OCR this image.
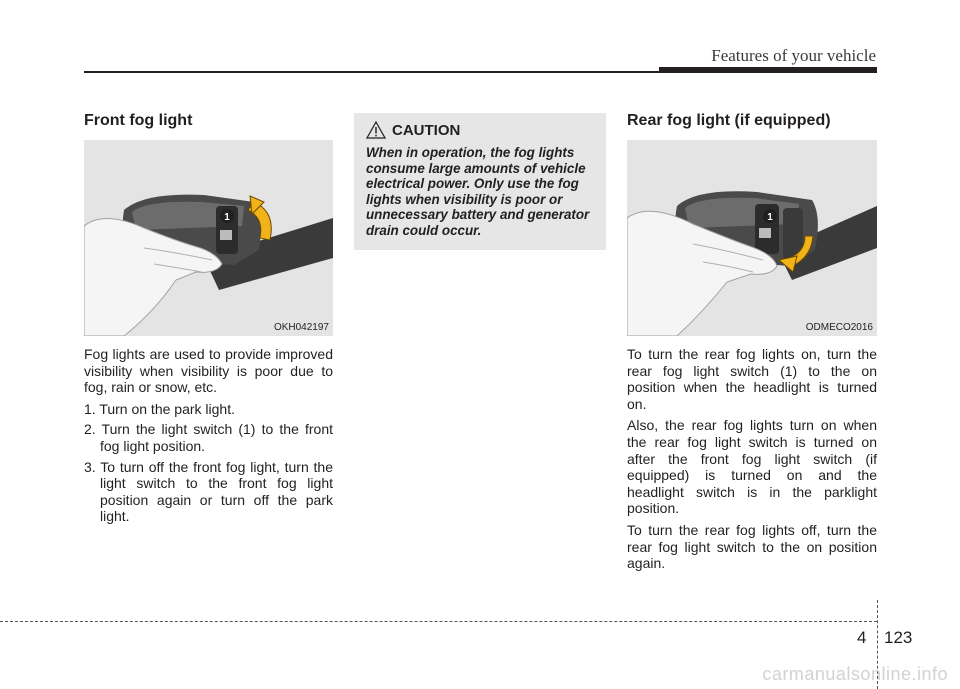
Features of your vehicle
Front fog light
1
OKH042197

Fog lights are used to provide improved visibility when visibility is poor due to fog, rain or snow, etc.

1. Turn on the park light.
2. Turn the light switch (1) to the front fog light position.
3. To turn off the front fog light, turn the light switch to the front fog light position again or turn off the park light.
CAUTION
When in operation, the fog lights consume large amounts of vehicle electrical power. Only use the fog lights when visibility is poor or unnecessary battery and generator drain could occur.
Rear fog light (if equipped)
1
ODMECO2016

To turn the rear fog lights on, turn the rear fog light switch (1) to the on position when the headlight is turned on.

Also, the rear fog lights turn on when the rear fog light switch is turned on after the front fog light switch (if equipped) is turned on and the headlight switch is in the parklight position.

To turn the rear fog lights off, turn the rear fog light switch to the on position again.

4 123
carmanualsonline.info
